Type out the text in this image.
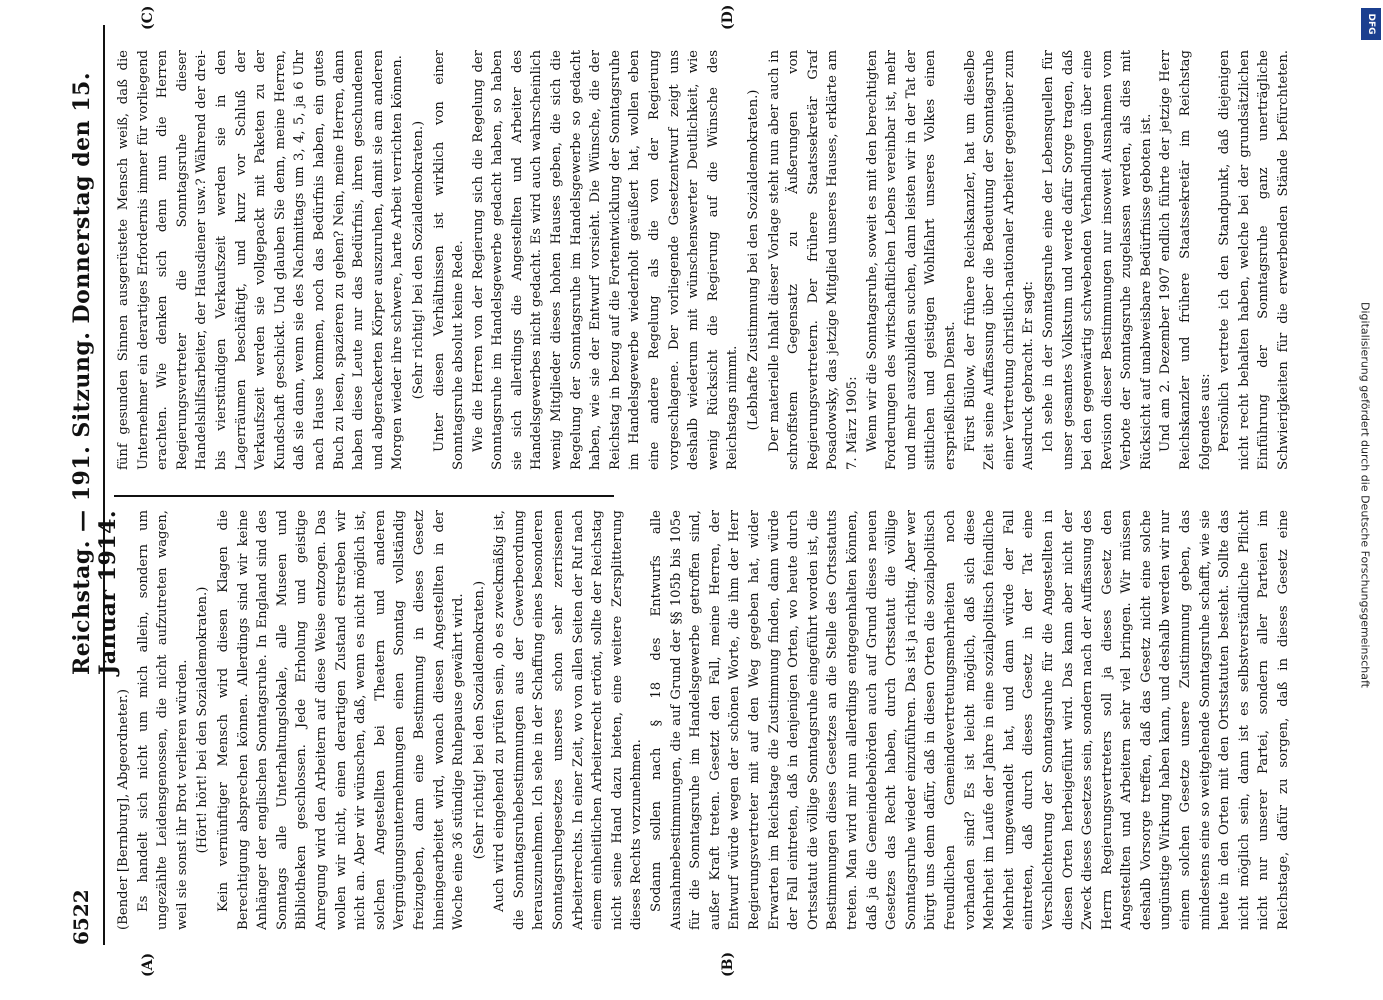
6522
Reichstag. — 191. Sitzung. Donnerstag den 15. Januar 1914.
(A)	(B)
(C)	(D)

(Bender [Bernburg], Abgeordneter.) Es handelt sich nicht um mich allein, sondern um ungezählte Leidensgenossen, die nicht aufzutreten wagen, weil sie sonst ihr Brot verlieren würden. (Hört! hört! bei den Sozialdemokraten.) Kein vernünftiger Mensch wird diesen Klagen die Berechtigung absprechen können. Allerdings sind wir keine Anhänger der englischen Sonntagsruhe. In England sind des Sonntags alle Unterhaltungslokale, alle Museen und Bibliotheken geschlossen. Jede Erholung und geistige Anregung wird den Arbeitern auf diese Weise entzogen. Das wollen wir nicht, einen derartigen Zustand erstreben wir nicht an. Aber wir wünschen, daß, wenn es nicht möglich ist, solchen Angestellten bei Theatern und anderen Vergnügungsunternehmungen einen Sonntag vollständig freizugeben, dann eine Bestimmung in dieses Gesetz hineingearbeitet wird, wonach diesen Angestellten in der Woche eine 36 stündige Ruhepause gewährt wird. (Sehr richtig! bei den Sozialdemokraten.) Auch wird eingehend zu prüfen sein, ob es zweckmäßig ist, die Sonntagsruhebestimmungen aus der Gewerbeordnung herauszunehmen. Ich sehe in der Schaffung eines besonderen Sonntagsruhegesetzes unseres schon sehr zerrissenen Arbeiterrechts. In einer Zeit, wo von allen Seiten der Ruf nach einem einheitlichen Arbeiterrecht ertönt, sollte der Reichstag nicht seine Hand dazu bieten, eine weitere Zersplitterung dieses Rechts vorzunehmen. Sodann sollen nach § 18 des Entwurfs alle Ausnahmebestimmungen, die auf Grund der §§ 105b bis 105e für die Sonntagsruhe im Handelsgewerbe getroffen sind, außer Kraft treten. Gesetzt den Fall, meine Herren, der Entwurf würde wegen der schönen Worte, die ihm der Herr Regierungsvertreter mit auf den Weg gegeben hat, wider Erwarten im Reichstage die Zustimmung finden, dann würde der Fall eintreten, daß in denjenigen Orten, wo heute durch Ortsstatut die völlige Sonntagsruhe eingeführt worden ist, die Bestimmungen dieses Gesetzes an die Stelle des Ortsstatuts treten. Man wird mir nun allerdings entgegenhalten können, daß ja die Gemeindebehörden auch auf Grund dieses neuen Gesetzes das Recht haben, durch Ortsstatut die völlige Sonntagsruhe wieder einzuführen. Das ist ja richtig. Aber wer bürgt uns denn dafür, daß in diesen Orten die sozialpolitisch freundlichen Gemeindevertretungsmehrheiten noch vorhanden sind? Es ist leicht möglich, daß sich diese Mehrheit im Laufe der Jahre in eine sozialpolitisch feindliche Mehrheit umgewandelt hat, und dann würde der Fall eintreten, daß durch dieses Gesetz in der Tat eine Verschlechterung der Sonntagsruhe für die Angestellten in diesen Orten herbeigeführt wird. Das kann aber nicht der Zweck dieses Gesetzes sein, sondern nach der Auffassung des Herrn Regierungsvertreters soll ja dieses Gesetz den Angestellten und Arbeitern sehr viel bringen. Wir müssen deshalb Vorsorge treffen, daß das Gesetz nicht eine solche ungünstige Wirkung haben kann, und deshalb werden wir nur einem solchen Gesetze unsere Zustimmung geben, das mindestens eine so weitgehende Sonntagsruhe schafft, wie sie heute in den Orten mit den Ortsstatuten besteht. Sollte das nicht möglich sein, dann ist es selbstverständliche Pflicht nicht nur unserer Partei, sondern aller Parteien im Reichstage, dafür zu sorgen, daß in dieses Gesetz eine

fünf gesunden Sinnen ausgerüstete Mensch weiß, daß die Unternehmer ein derartiges Erfordernis immer für vorliegend erachten. Wie denken sich denn nun die Herren Regierungsvertreter die Sonntagsruhe dieser Handelshilfsarbeiter, der Hausdiener usw.? Während der drei- bis vierstündigen Verkaufszeit werden sie in den Lagerräumen beschäftigt, und kurz vor Schluß der Verkaufszeit werden sie vollgepackt mit Paketen zu der Kundschaft geschickt. Und glauben Sie denn, meine Herren, daß sie dann, wenn sie des Nachmittags um 3, 4, 5, ja 6 Uhr nach Hause kommen, noch das Bedürfnis haben, ein gutes Buch zu lesen, spazieren zu gehen? Nein, meine Herren, dann haben diese Leute nur das Bedürfnis, ihren geschundenen und abgerackerten Körper auszuruhen, damit sie am anderen Morgen wieder ihre schwere, harte Arbeit verrichten können. (Sehr richtig! bei den Sozialdemokraten.) Unter diesen Verhältnissen ist wirklich von einer Sonntagsruhe absolut keine Rede. Wie die Herren von der Regierung sich die Regelung der Sonntagsruhe im Handelsgewerbe gedacht haben, so haben sie sich allerdings die Angestellten und Arbeiter des Handelsgewerbes nicht gedacht. Es wird auch wahrscheinlich wenig Mitglieder dieses hohen Hauses geben, die sich die Regelung der Sonntagsruhe im Handelsgewerbe so gedacht haben, wie sie der Entwurf vorsieht. Die Wünsche, die der Reichstag in bezug auf die Fortentwicklung der Sonntagsruhe im Handelsgewerbe wiederholt geäußert hat, wollen eben eine andere Regelung als die von der Regierung vorgeschlagene. Der vorliegende Gesetzentwurf zeigt uns deshalb wiederum mit wünschenswerter Deutlichkeit, wie wenig Rücksicht die Regierung auf die Wünsche des Reichstags nimmt. (Lebhafte Zustimmung bei den Sozialdemokraten.) Der materielle Inhalt dieser Vorlage steht nun aber auch in schroffstem Gegensatz zu Äußerungen von Regierungsvertretern. Der frühere Staatssekretär Graf Posadowsky, das jetzige Mitglied unseres Hauses, erklärte am 7. März 1905: Wenn wir die Sonntagsruhe, soweit es mit den berechtigten Forderungen des wirtschaftlichen Lebens vereinbar ist, mehr und mehr auszubilden suchen, dann leisten wir in der Tat der sittlichen und geistigen Wohlfahrt unseres Volkes einen ersprießlichen Dienst. Fürst Bülow, der frühere Reichskanzler, hat um dieselbe Zeit seine Auffassung über die Bedeutung der Sonntagsruhe einer Vertretung christlich-nationaler Arbeiter gegenüber zum Ausdruck gebracht. Er sagt: Ich sehe in der Sonntagsruhe eine der Lebensquellen für unser gesamtes Volkstum und werde dafür Sorge tragen, daß bei den gegenwärtig schwebenden Verhandlungen über eine Revision dieser Bestimmungen nur insoweit Ausnahmen vom Verbote der Sonntagsruhe zugelassen werden, als dies mit Rücksicht auf unabweisbare Bedürfnisse geboten ist. Und am 2. Dezember 1907 endlich führte der jetzige Herr Reichskanzler und frühere Staatssekretär im Reichstag folgendes aus: Persönlich vertrete ich den Standpunkt, daß diejenigen nicht recht behalten haben, welche bei der grundsätzlichen Einführung der Sonntagsruhe ganz unerträgliche Schwierigkeiten für die erwerbenden Stände befürchteten.

Digitalisierung gefördert durch die Deutsche Forschungsgemeinschaft
DFG
